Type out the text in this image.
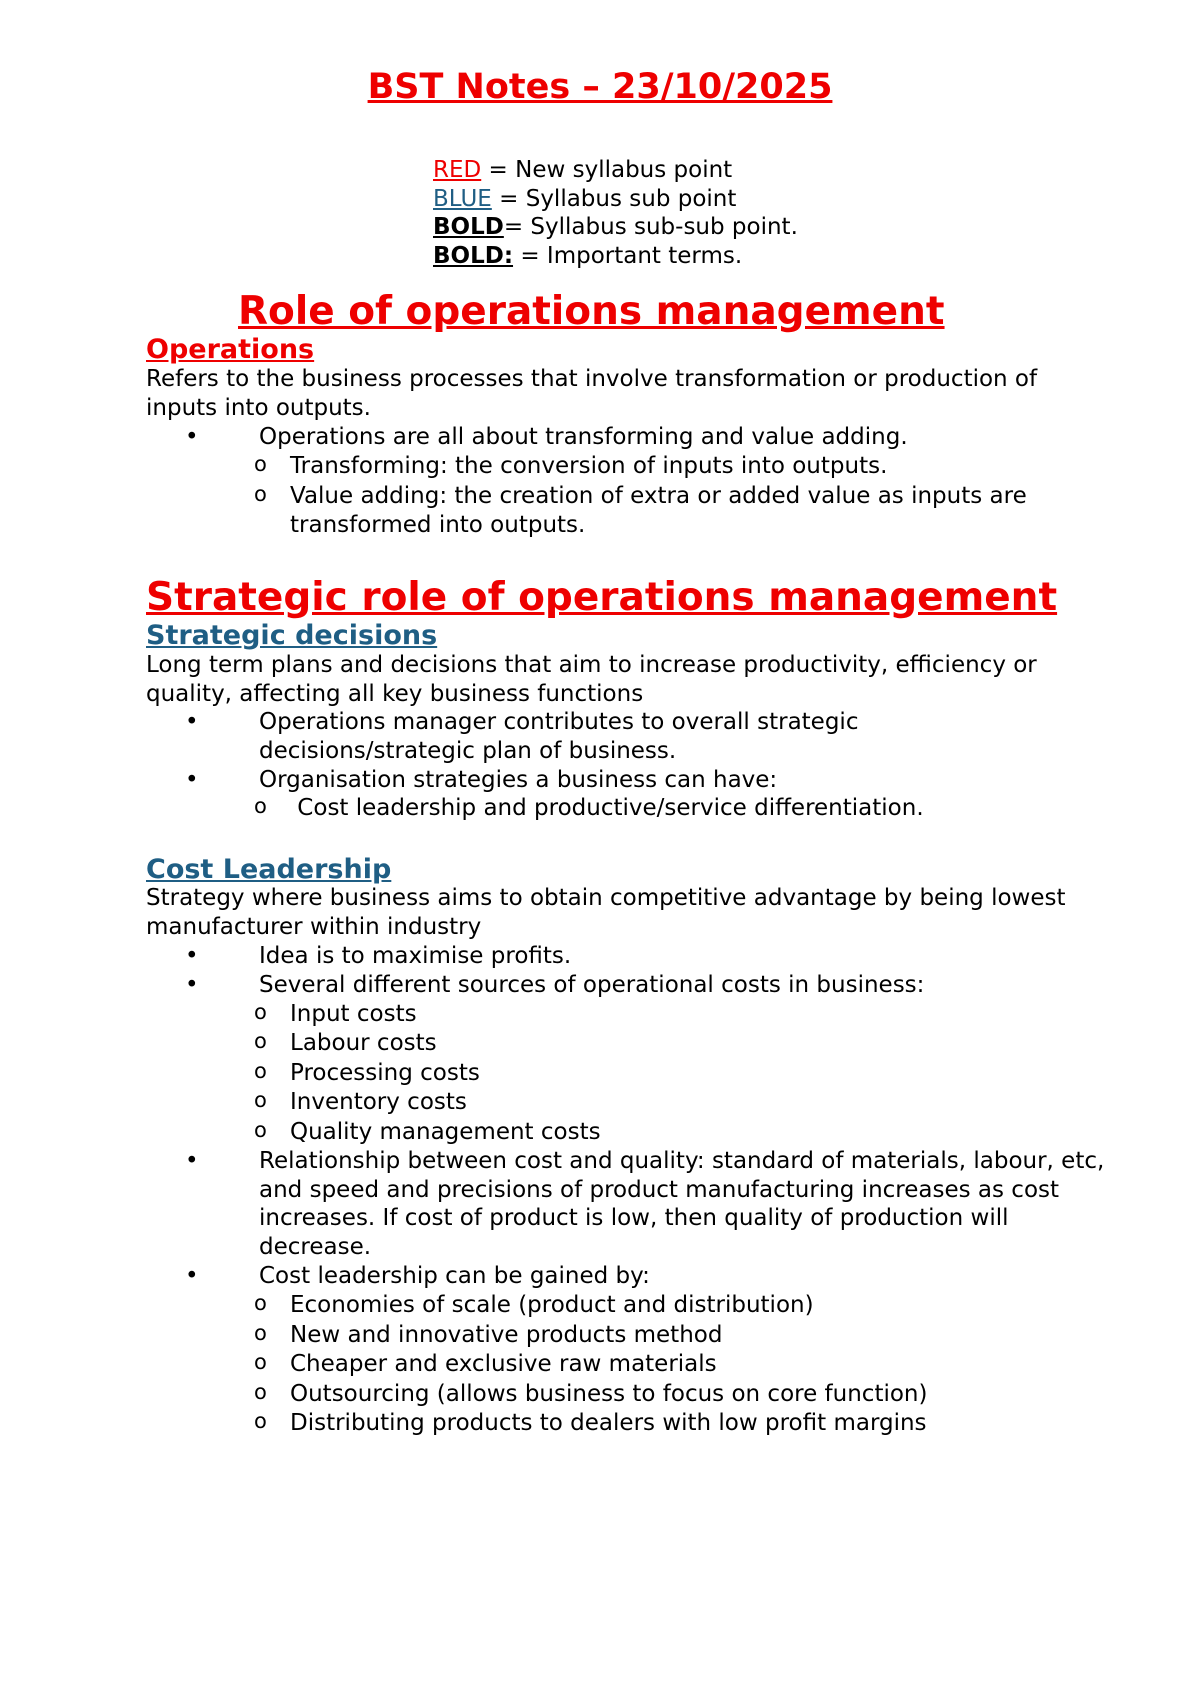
BST Notes – 23/10/2025
RED = New syllabus point
BLUE = Syllabus sub point
BOLD= Syllabus sub-sub point.
BOLD: = Important terms.
Role of operations management
Operations
Refers to the business processes that involve transformation or production of inputs into outputs.
•	Operations are all about transforming and value adding.
o Transforming: the conversion of inputs into outputs.
o Value adding: the creation of extra or added value as inputs are transformed into outputs.
Strategic role of operations management
Strategic decisions
Long term plans and decisions that aim to increase productivity, efficiency or quality, affecting all key business functions
•	Operations manager contributes to overall strategic decisions/strategic plan of business.
•	Organisation strategies a business can have:
o Cost leadership and productive/service differentiation.
Cost Leadership
Strategy where business aims to obtain competitive advantage by being lowest manufacturer within industry
•	Idea is to maximise profits.
•	Several different sources of operational costs in business:
o Input costs
o Labour costs
o Processing costs
o Inventory costs
o Quality management costs
•	Relationship between cost and quality: standard of materials, labour, etc, and speed and precisions of product manufacturing increases as cost increases. If cost of product is low, then quality of production will decrease.
•	Cost leadership can be gained by:
o Economies of scale (product and distribution)
o New and innovative products method
o Cheaper and exclusive raw materials
o Outsourcing (allows business to focus on core function)
o Distributing products to dealers with low profit margins
